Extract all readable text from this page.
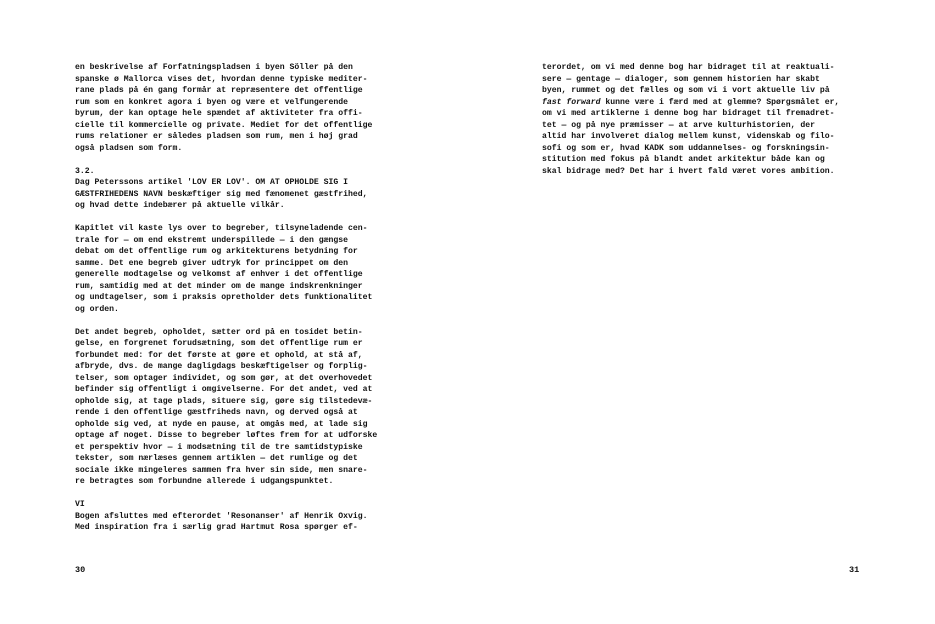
en beskrivelse af Forfatningspladsen i byen Söller på den
spanske ø Mallorca vises det, hvordan denne typiske mediter-
rane plads på én gang formår at repræsentere det offentlige
rum som en konkret agora i byen og være et velfungerende
byrum, der kan optage hele spændet af aktiviteter fra offi-
cielle til kommercielle og private. Mediet for det offentlige
rums relationer er således pladsen som rum, men i høj grad
også pladsen som form.
3.2.
Dag Peterssons artikel 'LOV ER LOV'. OM AT OPHOLDE SIG I
GÆSTFRIHEDENS NAVN beskæftiger sig med fænomenet gæstfrihed,
og hvad dette indebærer på aktuelle vilkår.
Kapitlet vil kaste lys over to begreber, tilsyneladende cen-
trale for — om end ekstremt underspillede — i den gængse
debat om det offentlige rum og arkitekturens betydning for
samme. Det ene begreb giver udtryk for princippet om den
generelle modtagelse og velkomst af enhver i det offentlige
rum, samtidig med at det minder om de mange indskrenkninger
og undtagelser, som i praksis opretholder dets funktionalitet
og orden.
Det andet begreb, opholdet, sætter ord på en tosidet betin-
gelse, en forgrenet forudsætning, som det offentlige rum er
forbundet med: for det første at gøre et ophold, at stå af,
afbryde, dvs. de mange dagligdags beskæftigelser og forplig-
telser, som optager individet, og som gør, at det overhovedet
befinder sig offentligt i omgivelserne. For det andet, ved at
opholde sig, at tage plads, situere sig, gøre sig tilstedevæ-
rende i den offentlige gæstfriheds navn, og derved også at
opholde sig ved, at nyde en pause, at omgås med, at lade sig
optage af noget. Disse to begreber løftes frem for at udforske
et perspektiv hvor — i modsætning til de tre samtidstypiske
tekster, som nærlæses gennem artiklen — det rumlige og det
sociale ikke mingeleres sammen fra hver sin side, men snare-
re betragtes som forbundne allerede i udgangspunktet.
VI
Bogen afsluttes med efterordet 'Resonanser' af Henrik Oxvig.
Med inspiration fra i særlig grad Hartmut Rosa spørger ef-
30
terordet, om vi med denne bog har bidraget til at reaktuali-
sere — gentage — dialoger, som gennem historien har skabt
byen, rummet og det fælles og som vi i vort aktuelle liv på
fast forward kunne være i færd med at glemme? Spørgsmålet er,
om vi med artiklerne i denne bog har bidraget til fremadret-
tet — og på nye præmisser — at arve kulturhistorien, der
altid har involveret dialog mellem kunst, videnskab og filo-
sofi og som er, hvad KADK som uddannelses- og forskningsin-
stitution med fokus på blandt andet arkitektur både kan og
skal bidrage med? Det har i hvert fald været vores ambition.
31
